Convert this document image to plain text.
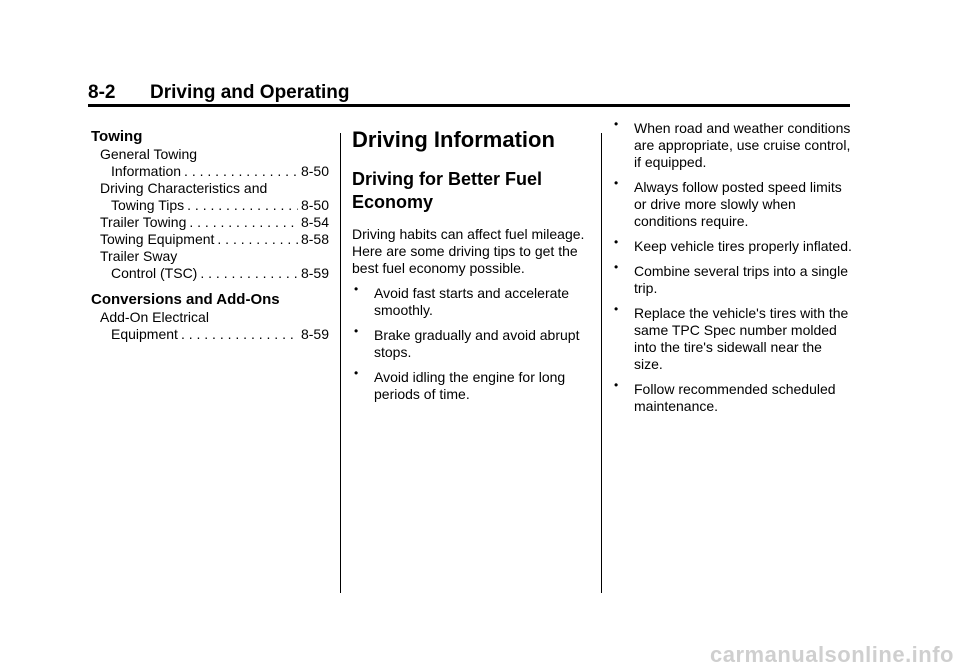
8-2 Driving and Operating
Towing
General Towing
Information . . .	8-50
Driving Characteristics and
Towing Tips . . .	8-50
Trailer Towing . . .	8-54
Towing Equipment . . .	8-58
Trailer Sway
Control (TSC) . . .	8-59
Conversions and Add-Ons
Add-On Electrical
Equipment . . .	8-59
Driving Information
Driving for Better Fuel Economy
Driving habits can affect fuel mileage. Here are some driving tips to get the best fuel economy possible.
• Avoid fast starts and accelerate smoothly.
• Brake gradually and avoid abrupt stops.
• Avoid idling the engine for long periods of time.
• When road and weather conditions are appropriate, use cruise control, if equipped.
• Always follow posted speed limits or drive more slowly when conditions require.
• Keep vehicle tires properly inflated.
• Combine several trips into a single trip.
• Replace the vehicle's tires with the same TPC Spec number molded into the tire's sidewall near the size.
• Follow recommended scheduled maintenance.
carmanualsonline.info
